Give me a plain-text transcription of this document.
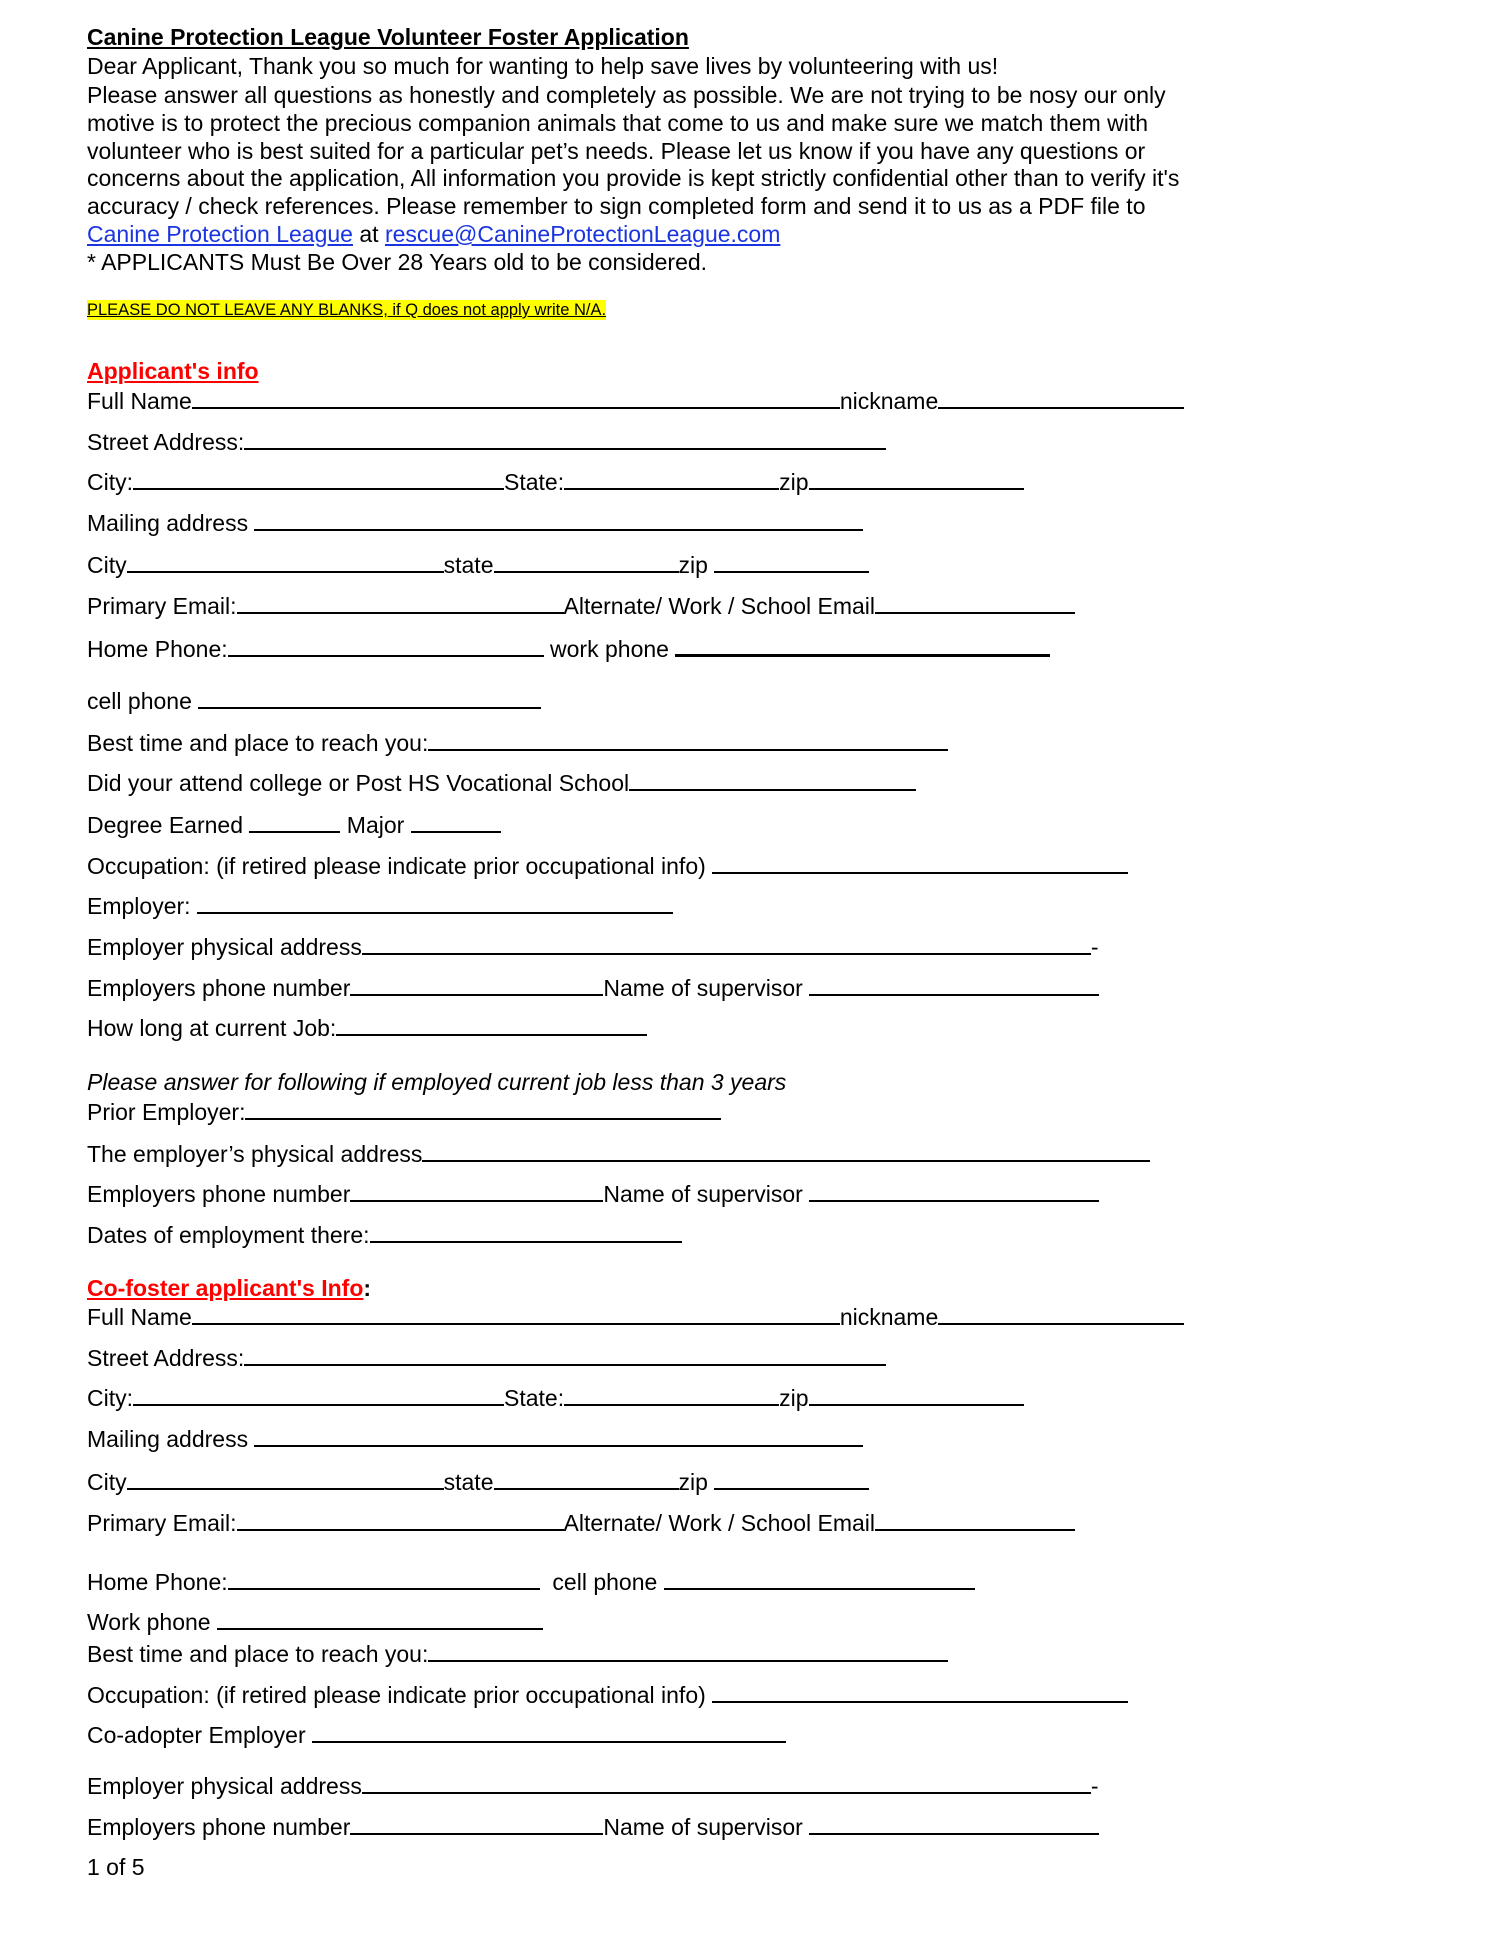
Canine Protection League Volunteer Foster Application
Dear Applicant, Thank you so much for wanting to help save lives by volunteering with us!
Please answer all questions as honestly and completely as possible. We are not trying to be nosy our only
motive is to protect the precious companion animals that come to us and make sure we match them with
volunteer who is best suited for a particular pet’s needs. Please let us know if you have any questions or
concerns about the application, All information you provide is kept strictly confidential other than to verify it's
accuracy / check references. Please remember to sign completed form and send it to us as a PDF file to
Canine Protection League at rescue@CanineProtectionLeague.com
* APPLICANTS Must Be Over 28 Years old to be considered.
PLEASE DO NOT LEAVE ANY BLANKS, if Q does not apply write N/A.
Applicant's info
Full Name	nickname
Street Address:
City:	State:	zip
Mailing address
City	state	zip
Primary Email:	Alternate/ Work / School Email
Home Phone:	work phone
cell phone
Best time and place to reach you:
Did your attend college or Post HS Vocational School
Degree Earned	Major
Occupation: (if retired please indicate prior occupational info)
Employer:
Employer physical address	-
Employers phone number	Name of supervisor
How long at current Job:
Please answer for following if employed current job less than 3 years
Prior Employer:
The employer’s physical address
Employers phone number	Name of supervisor
Dates of employment there:
Co-foster applicant's Info:
Full Name	nickname
Street Address:
City:	State:	zip
Mailing address
City	state	zip
Primary Email:	Alternate/ Work / School Email
Home Phone:	cell phone
Work phone
Best time and place to reach you:
Occupation: (if retired please indicate prior occupational info)
Co-adopter Employer
Employer physical address	-
Employers phone number	Name of supervisor
1 of 5
